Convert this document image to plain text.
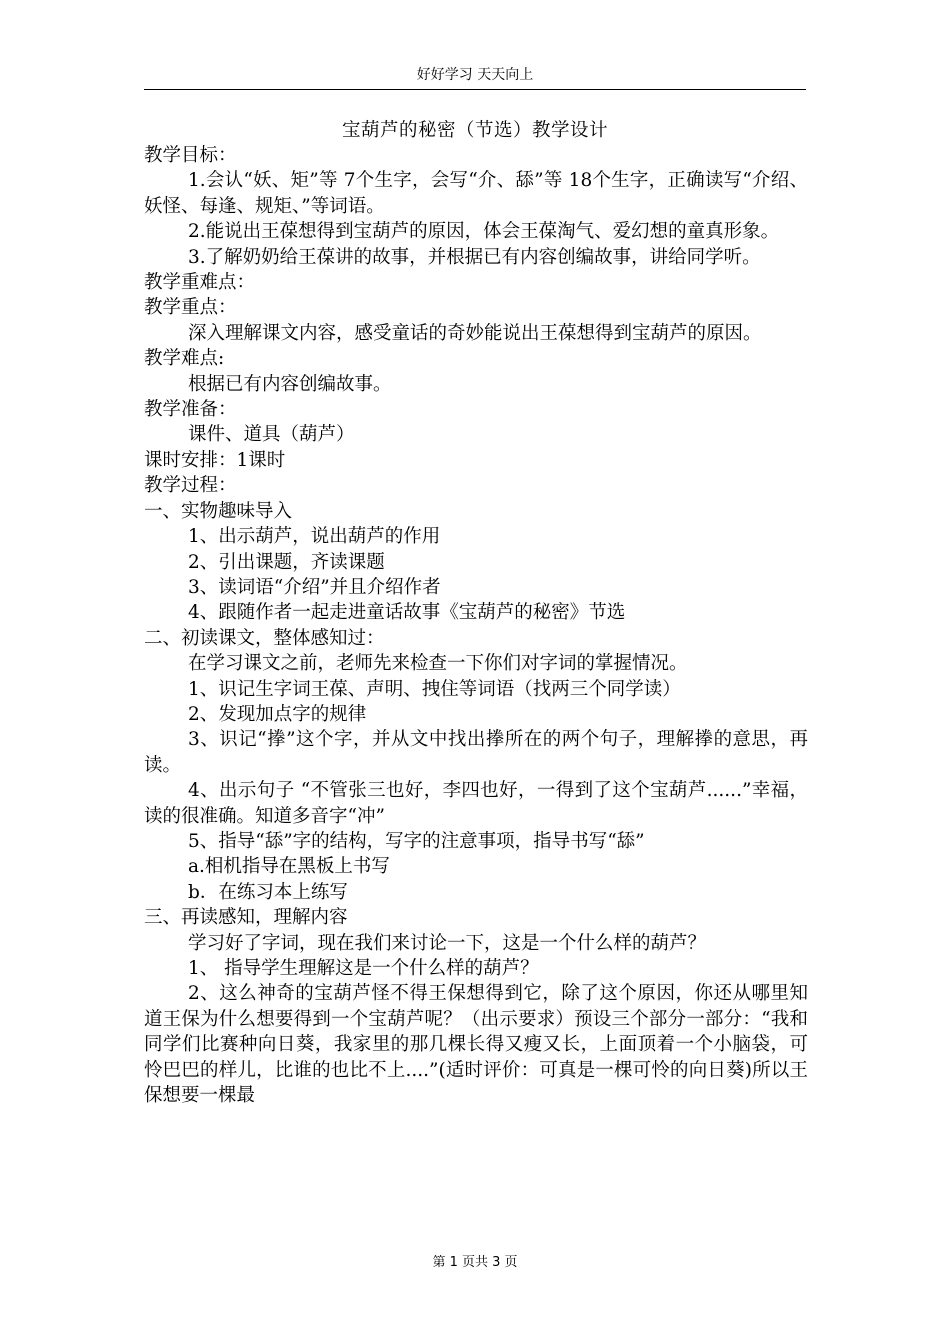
好好学习 天天向上
宝葫芦的秘密（节选）教学设计

教学目标：

1.会认“妖、矩”等 7个生字，会写“介、舔”等 18个生字，正确读写“介绍、妖怪、每逢、规矩、”等词语。

2.能说出王葆想得到宝葫芦的原因，体会王葆淘气、爱幻想的童真形象。

3.了解奶奶给王葆讲的故事，并根据已有内容创编故事，讲给同学听。

教学重难点：

教学重点：

深入理解课文内容，感受童话的奇妙能说出王葆想得到宝葫芦的原因。

教学难点:

根据已有内容创编故事。

教学准备：

课件、道具（葫芦）

课时安排：1课时

教学过程：

一、实物趣味导入

1、出示葫芦，说出葫芦的作用

2、引出课题，齐读课题

3、读词语“介绍”并且介绍作者

4、跟随作者一起走进童话故事《宝葫芦的秘密》节选

二、初读课文，整体感知过：

在学习课文之前，老师先来检查一下你们对字词的掌握情况。

1、识记生字词王葆、声明、拽住等词语（找两三个同学读）

2、发现加点字的规律

3、识记“搼”这个字，并从文中找出搼所在的两个句子，理解搼的意思，再读。

4、出示句子 “不管张三也好，李四也好，一得到了这个宝葫芦......”幸福，读的很准确。知道多音字“冲”

5、指导“舔”字的结构，写字的注意事项，指导书写“舔”

a.相机指导在黑板上书写

b．在练习本上练写

三、再读感知，理解内容

学习好了字词，现在我们来讨论一下，这是一个什么样的葫芦？

1、 指导学生理解这是一个什么样的葫芦？

2、这么神奇的宝葫芦怪不得王保想得到它，除了这个原因，你还从哪里知道王保为什么想要得到一个宝葫芦呢？（出示要求）预设三个部分一部分：“我和同学们比赛种向日葵，我家里的那几棵长得又瘦又长，上面顶着一个小脑袋，可怜巴巴的样儿，比谁的也比不上....”(适时评价：可真是一棵可怜的向日葵)所以王保想要一棵最

第 1 页共 3 页
